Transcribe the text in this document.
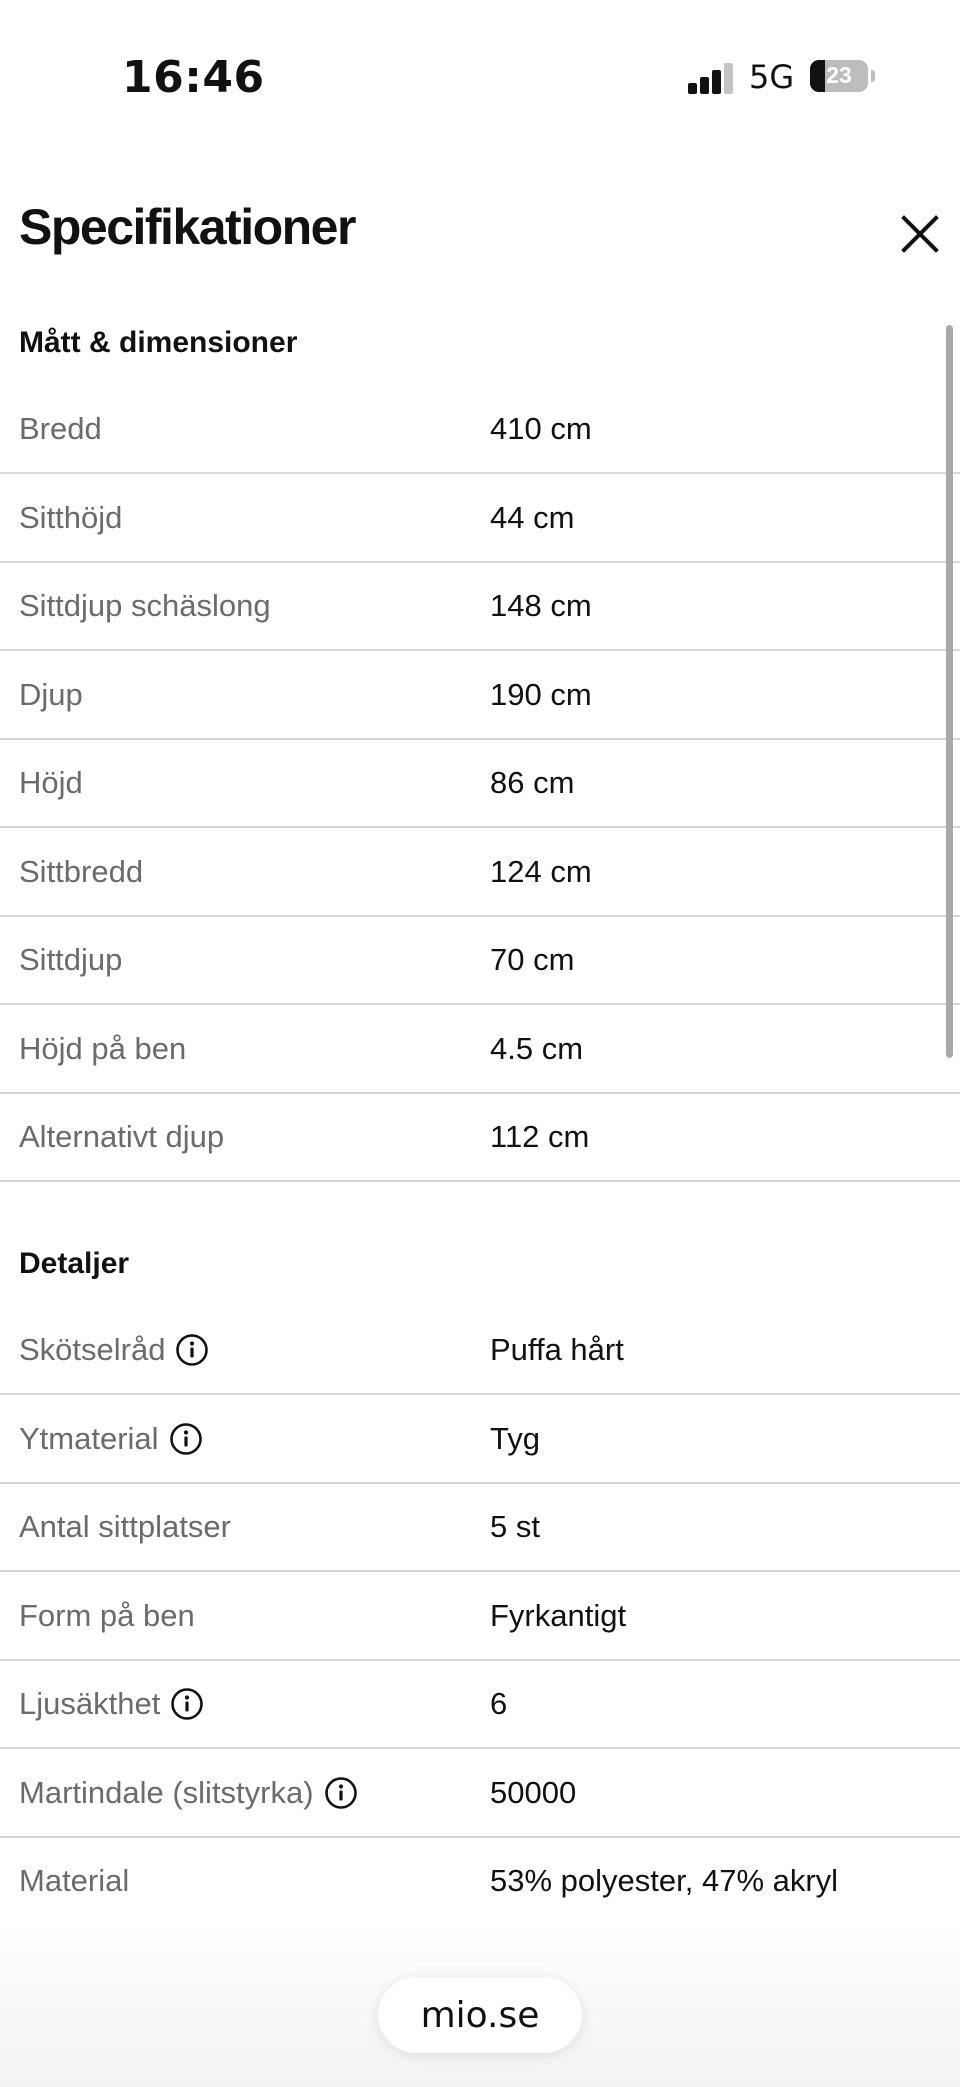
16:46	5G	23
Specifikationer
Mått & dimensioner
Bredd	410 cm
Sitthöjd	44 cm
Sittdjup schäslong	148 cm
Djup	190 cm
Höjd	86 cm
Sittbredd	124 cm
Sittdjup	70 cm
Höjd på ben	4.5 cm
Alternativt djup	112 cm
Detaljer
Skötselråd	Puffa hårt
Ytmaterial	Tyg
Antal sittplatser	5 st
Form på ben	Fyrkantigt
Ljusäkthet	6
Martindale (slitstyrka)	50000
Material	53% polyester, 47% akryl
mio.se
